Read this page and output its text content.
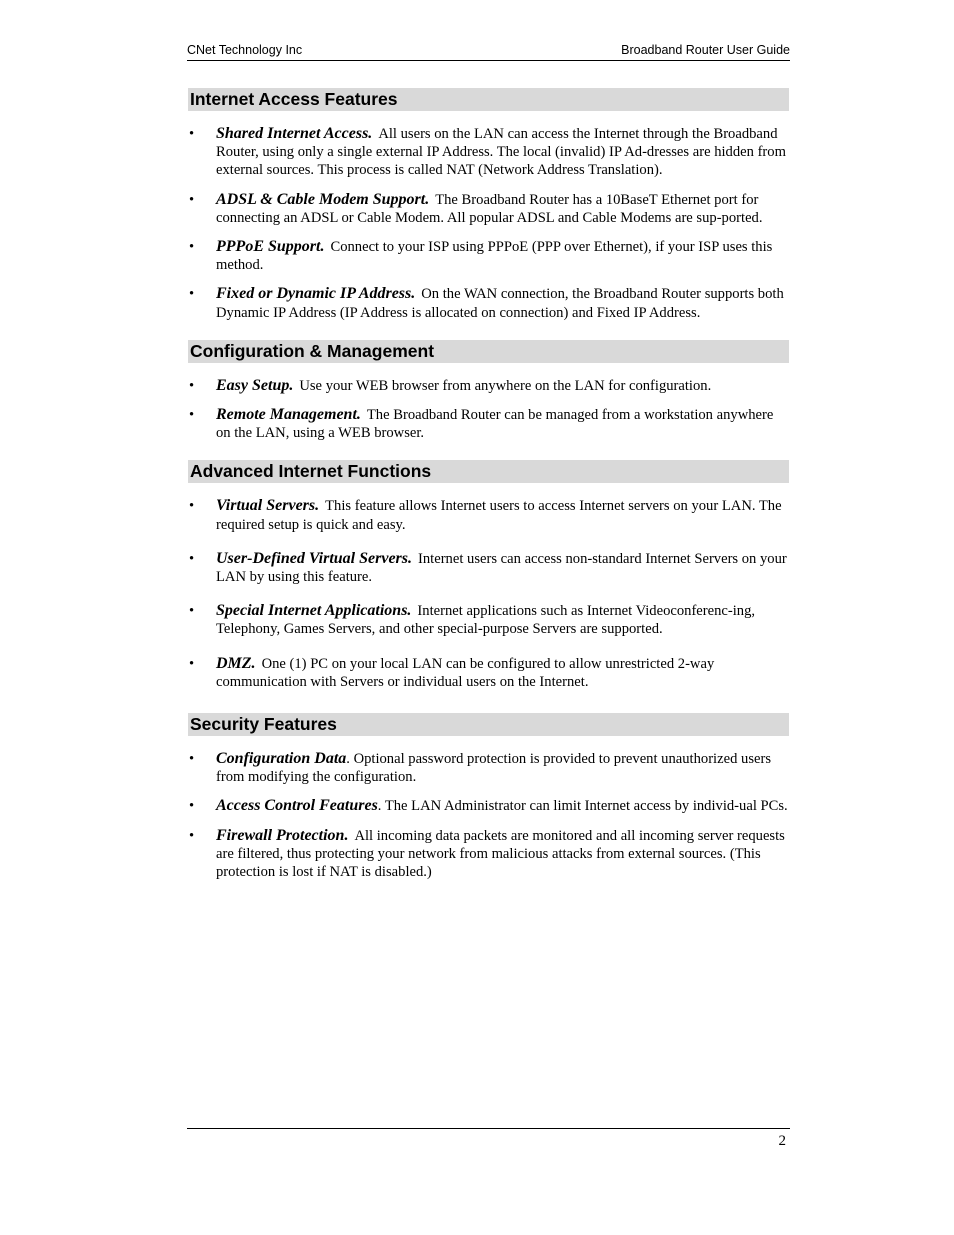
CNet Technology Inc	Broadband Router User Guide
Internet Access Features
• Shared Internet Access. All users on the LAN can access the Internet through the Broadband Router, using only a single external IP Address. The local (invalid) IP Ad-dresses are hidden from external sources. This process is called NAT (Network Address Translation).
• ADSL & Cable Modem Support. The Broadband Router has a 10BaseT Ethernet port for connecting an ADSL or Cable Modem. All popular ADSL and Cable Modems are sup-ported.
• PPPoE Support. Connect to your ISP using PPPoE (PPP over Ethernet), if your ISP uses this method.
• Fixed or Dynamic IP Address. On the WAN connection, the Broadband Router supports both Dynamic IP Address (IP Address is allocated on connection) and Fixed IP Address.
Configuration & Management
• Easy Setup. Use your WEB browser from anywhere on the LAN for configuration.
• Remote Management. The Broadband Router can be managed from a workstation anywhere on the LAN, using a WEB browser.
Advanced Internet Functions
• Virtual Servers. This feature allows Internet users to access Internet servers on your LAN. The required setup is quick and easy.
• User-Defined Virtual Servers. Internet users can access non-standard Internet Servers on your LAN by using this feature.
• Special Internet Applications. Internet applications such as Internet Videoconferenc-ing, Telephony, Games Servers, and other special-purpose Servers are supported.
• DMZ. One (1) PC on your local LAN can be configured to allow unrestricted 2-way communication with Servers or individual users on the Internet.
Security Features
• Configuration Data. Optional password protection is provided to prevent unauthorized users from modifying the configuration.
• Access Control Features. The LAN Administrator can limit Internet access by individ-ual PCs.
• Firewall Protection. All incoming data packets are monitored and all incoming server requests are filtered, thus protecting your network from malicious attacks from external sources. (This protection is lost if NAT is disabled.)
2
